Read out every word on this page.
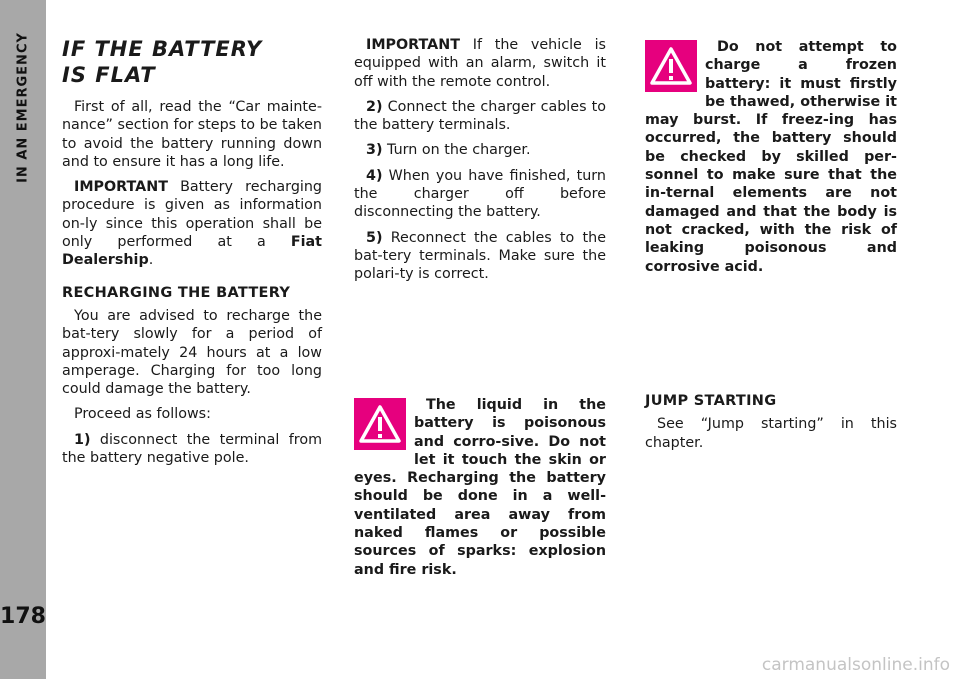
IN AN EMERGENCY
178
IF THE BATTERY
IS FLAT

First of all, read the “Car mainte-nance” section for steps to be taken to avoid the battery running down and to ensure it has a long life.

IMPORTANT Battery recharging procedure is given as information on-ly since this operation shall be only performed at a Fiat Dealership.

RECHARGING THE BATTERY

You are advised to recharge the bat-tery slowly for a period of approxi-mately 24 hours at a low amperage. Charging for too long could damage the battery.

Proceed as follows:

1) disconnect the terminal from the battery negative pole.

IMPORTANT If the vehicle is equipped with an alarm, switch it off with the remote control.

2) Connect the charger cables to the battery terminals.

3) Turn on the charger.

4) When you have finished, turn the charger off before disconnecting the battery.

5) Reconnect the cables to the bat-tery terminals. Make sure the polari-ty is correct.

The liquid in the battery is poisonous and corro-sive. Do not let it touch the skin or eyes. Recharging the battery should be done in a well-ventilated area away from naked flames or possible sources of sparks: explosion and fire risk.
Do not attempt to charge a frozen battery: it must firstly be thawed, otherwise it may burst. If freez-ing has occurred, the battery should be checked by skilled per-sonnel to make sure that the in-ternal elements are not damaged and that the body is not cracked, with the risk of leaking poisonous and corrosive acid.
JUMP STARTING

See “Jump starting” in this chapter.

carmanualsonline.info
